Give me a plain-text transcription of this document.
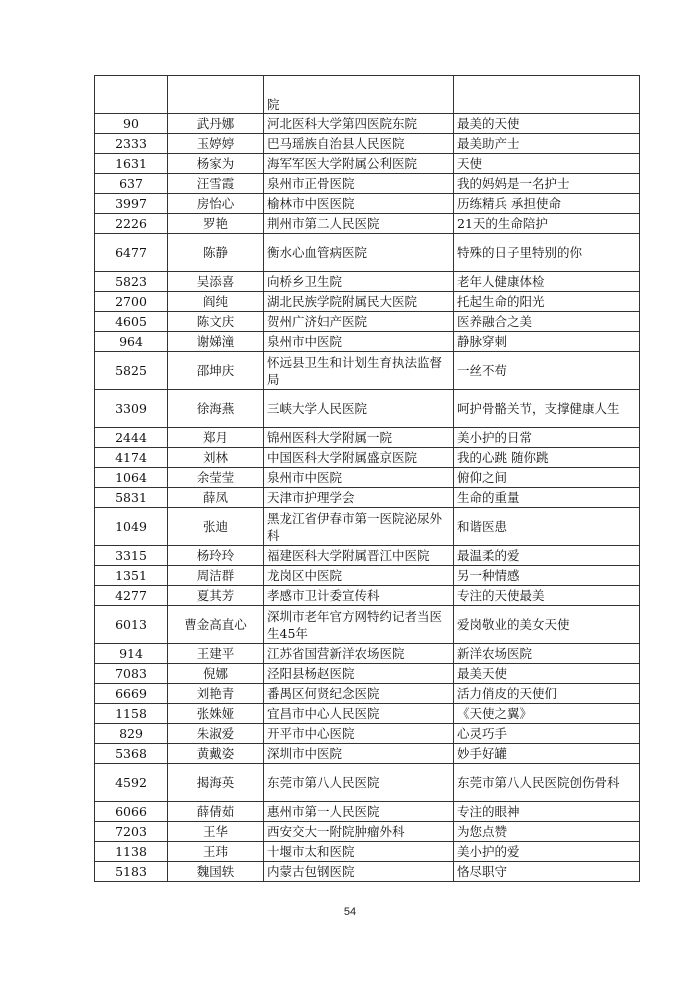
		院	
90	武丹娜	河北医科大学第四医院东院	最美的天使
2333	玉婷婷	巴马瑶族自治县人民医院	最美助产士
1631	杨家为	海军军医大学附属公利医院	天使
637	汪雪霞	泉州市正骨医院	我的妈妈是一名护士
3997	房怡心	榆林市中医医院	历练精兵 承担使命
2226	罗艳	荆州市第二人民医院	21天的生命陪护
6477	陈静	衡水心血管病医院	特殊的日子里特别的你
5823	吴添喜	向桥乡卫生院	老年人健康体检
2700	阎纯	湖北民族学院附属民大医院	托起生命的阳光
4605	陈文庆	贺州广济妇产医院	医养融合之美
964	谢娣潼	泉州市中医院	静脉穿刺
5825	邵坤庆	怀远县卫生和计划生育执法监督局	一丝不苟
3309	徐海燕	三峡大学人民医院	呵护骨骼关节，支撑健康人生
2444	郑月	锦州医科大学附属一院	美小护的日常
4174	刘林	中国医科大学附属盛京医院	我的心跳 随你跳
1064	余莹莹	泉州市中医院	俯仰之间
5831	薛凤	天津市护理学会	生命的重量
1049	张迪	黑龙江省伊春市第一医院泌尿外科	和谐医患
3315	杨玲玲	福建医科大学附属晋江中医院	最温柔的爱
1351	周洁群	龙岗区中医院	另一种情感
4277	夏其芳	孝感市卫计委宣传科	专注的天使最美
6013	曹金高直心	深圳市老年官方网特约记者当医生45年	爱岗敬业的美女天使
914	王建平	江苏省国营新洋农场医院	新洋农场医院
7083	倪娜	泾阳县杨赵医院	最美天使
6669	刘艳青	番禺区何贤纪念医院	活力俏皮的天使们
1158	张姝娅	宜昌市中心人民医院	《天使之翼》
829	朱淑爱	开平市中心医院	心灵巧手
5368	黄戴姿	深圳市中医院	妙手好罐
4592	揭海英	东莞市第八人民医院	东莞市第八人民医院创伤骨科
6066	薛倩茹	惠州市第一人民医院	专注的眼神
7203	王华	西安交大一附院肿瘤外科	为您点赞
1138	王玮	十堰市太和医院	美小护的爱
5183	魏国轶	内蒙古包钢医院	恪尽职守
54
